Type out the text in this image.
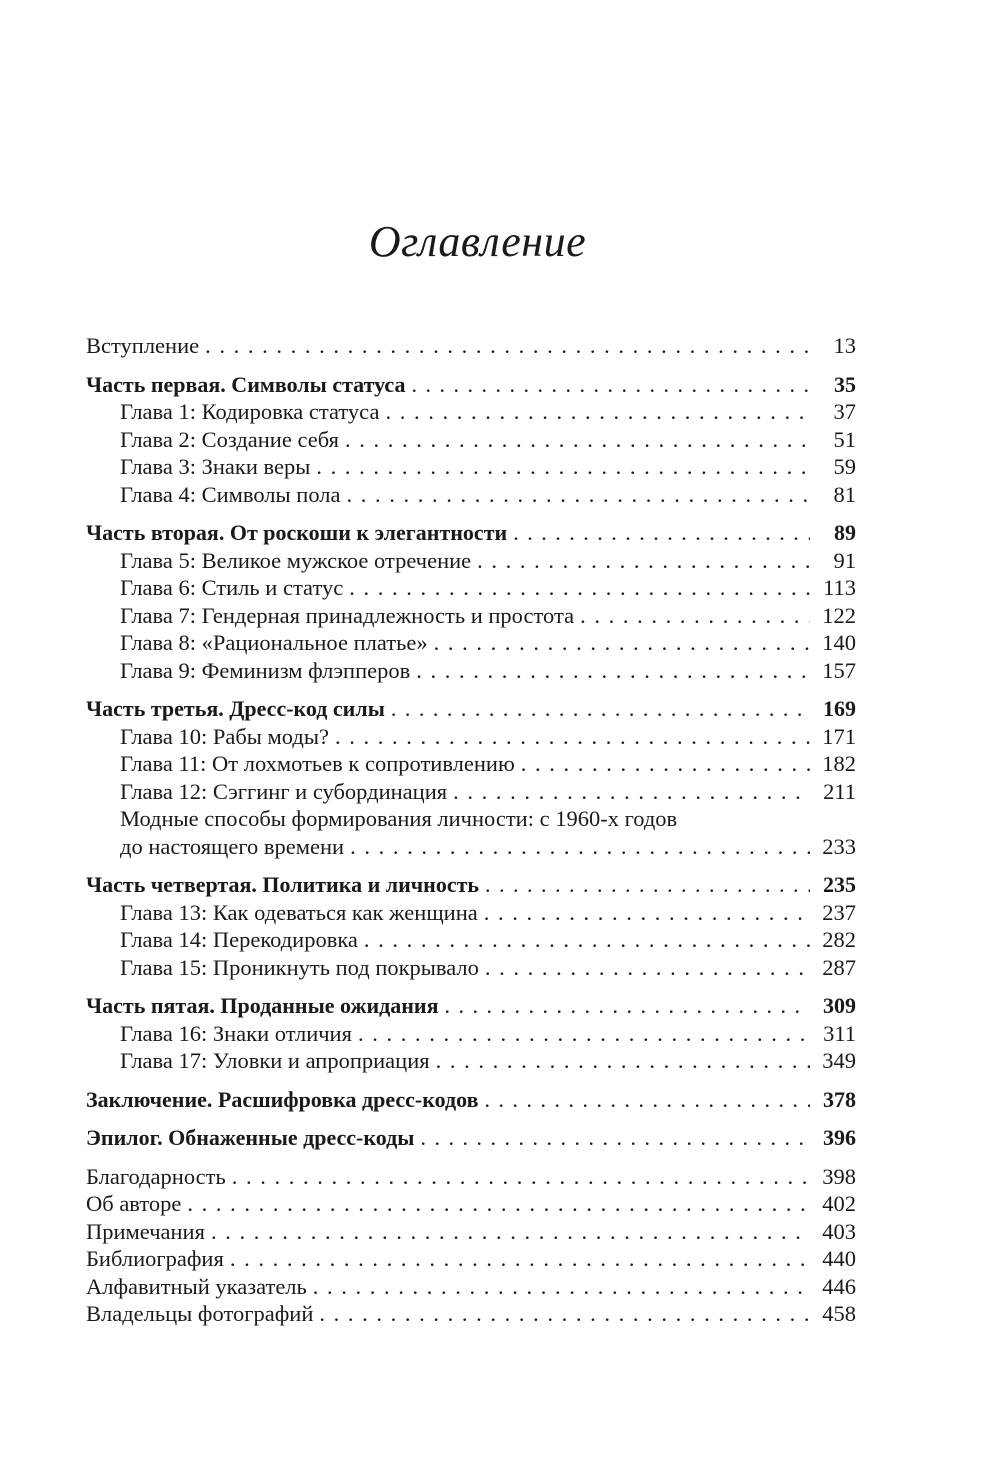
Оглавление
Вступление . . .	13
Часть первая. Символы статуса . . .	35
Глава 1: Кодировка статуса . . .	37
Глава 2: Создание себя . . .	51
Глава 3: Знаки веры . . .	59
Глава 4: Символы пола . . .	81
Часть вторая. От роскоши к элегантности . . .	89
Глава 5: Великое мужское отречение . . .	91
Глава 6: Стиль и статус . . .	113
Глава 7: Гендерная принадлежность и простота . . .	122
Глава 8: «Рациональное платье» . . .	140
Глава 9: Феминизм флэпперов . . .	157
Часть третья. Дресс-код силы . . .	169
Глава 10: Рабы моды? . . .	171
Глава 11: От лохмотьев к сопротивлению . . .	182
Глава 12: Сэггинг и субординация . . .	211
Модные способы формирования личности: с 1960-х годов
до настоящего времени . . .	233
Часть четвертая. Политика и личность . . .	235
Глава 13: Как одеваться как женщина . . .	237
Глава 14: Перекодировка . . .	282
Глава 15: Проникнуть под покрывало . . .	287
Часть пятая. Проданные ожидания . . .	309
Глава 16: Знаки отличия . . .	311
Глава 17: Уловки и апроприация . . .	349
Заключение. Расшифровка дресс-кодов . . .	378
Эпилог. Обнаженные дресс-коды . . .	396
Благодарность . . .	398
Об авторе . . .	402
Примечания . . .	403
Библиография . . .	440
Алфавитный указатель . . .	446
Владельцы фотографий . . .	458
